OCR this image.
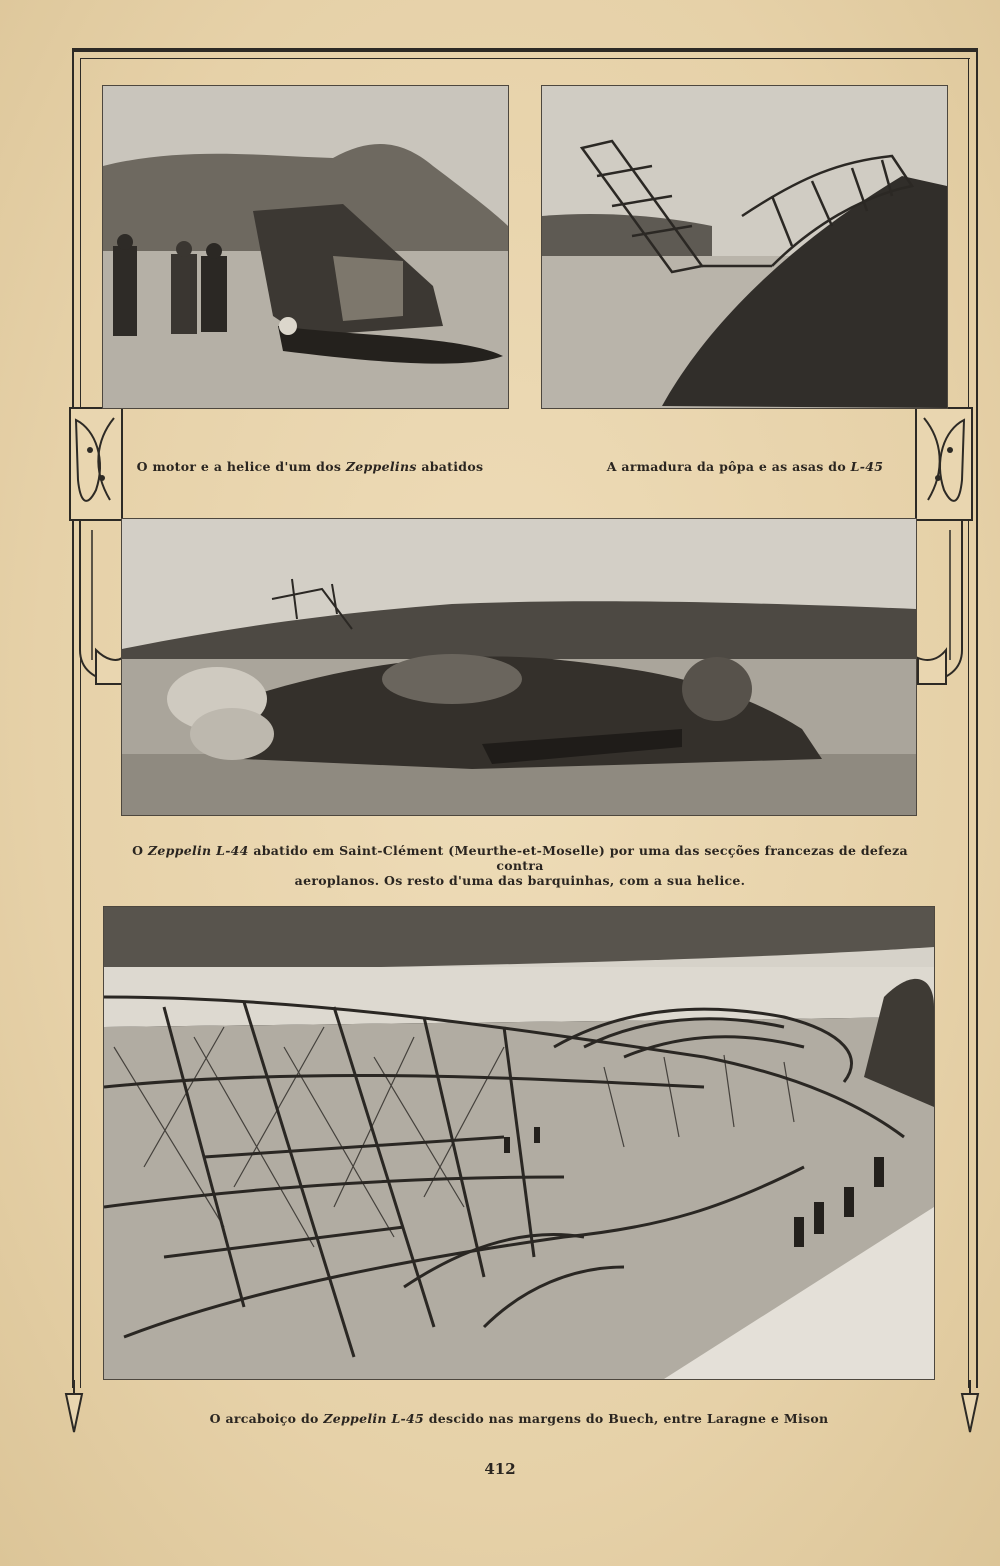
O motor e a helice d'um dos Zeppelins abatidos	A armadura da pôpa e as asas do L-45
O Zeppelin L-44 abatido em Saint-Clément (Meurthe-et-Moselle) por uma das secções francezas de defeza contra
aeroplanos. Os resto d'uma das barquinhas, com a sua helice.
O arcaboiço do Zeppelin L-45 descido nas margens do Buech, entre Laragne e Mison
412
